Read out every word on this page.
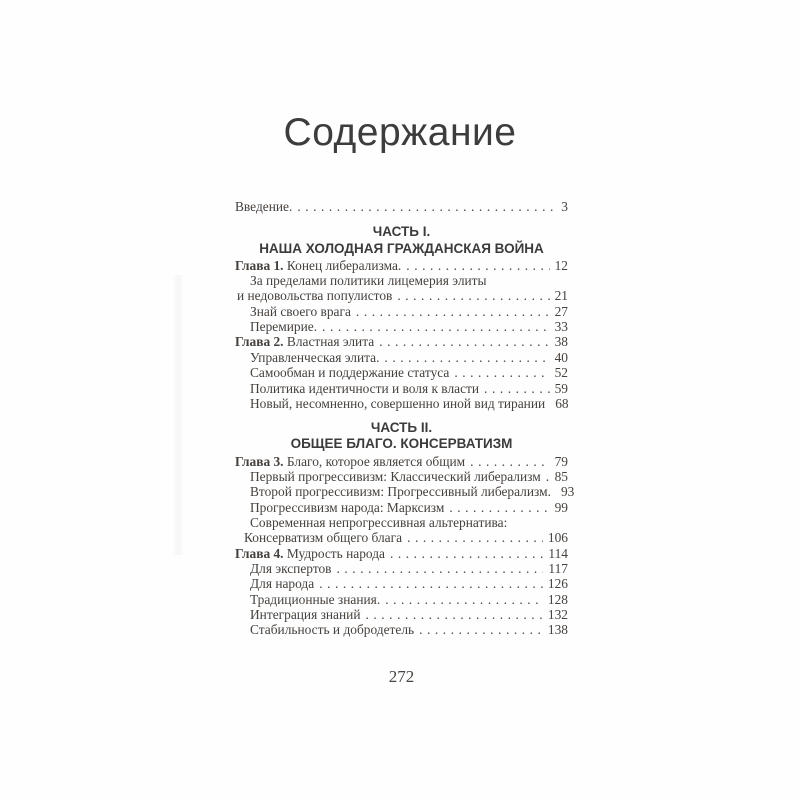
Содержание
Введение. . . .	3
ЧАСТЬ I.
НАША ХОЛОДНАЯ ГРАЖДАНСКАЯ ВОЙНА
Глава 1. Конец либерализма. . . .	12
За пределами политики лицемерия элиты
и недовольства популистов . . .	21
Знай своего врага . . .	27
Перемирие. . . .	33
Глава 2. Властная элита . . .	38
Управленческая элита. . . .	40
Самообман и поддержание статуса . . .	52
Политика идентичности и воля к власти . . .	59
Новый, несомненно, совершенно иной вид тирании . . . 68
ЧАСТЬ II.
ОБЩЕЕ БЛАГО. КОНСЕРВАТИЗМ
Глава 3. Благо, которое является общим . . .	79
Первый прогрессивизм: Классический либерализм . . .	85
Второй прогрессивизм: Прогрессивный либерализм. . . . 93
Прогрессивизм народа: Марксизм . . .	99
Современная непрогрессивная альтернатива:
Консерватизм общего блага . . .	106
Глава 4. Мудрость народа . . .	114
Для экспертов . . .	117
Для народа . . .	126
Традиционные знания. . . .	128
Интеграция знаний . . .	132
Стабильность и добродетель . . .	138
272
